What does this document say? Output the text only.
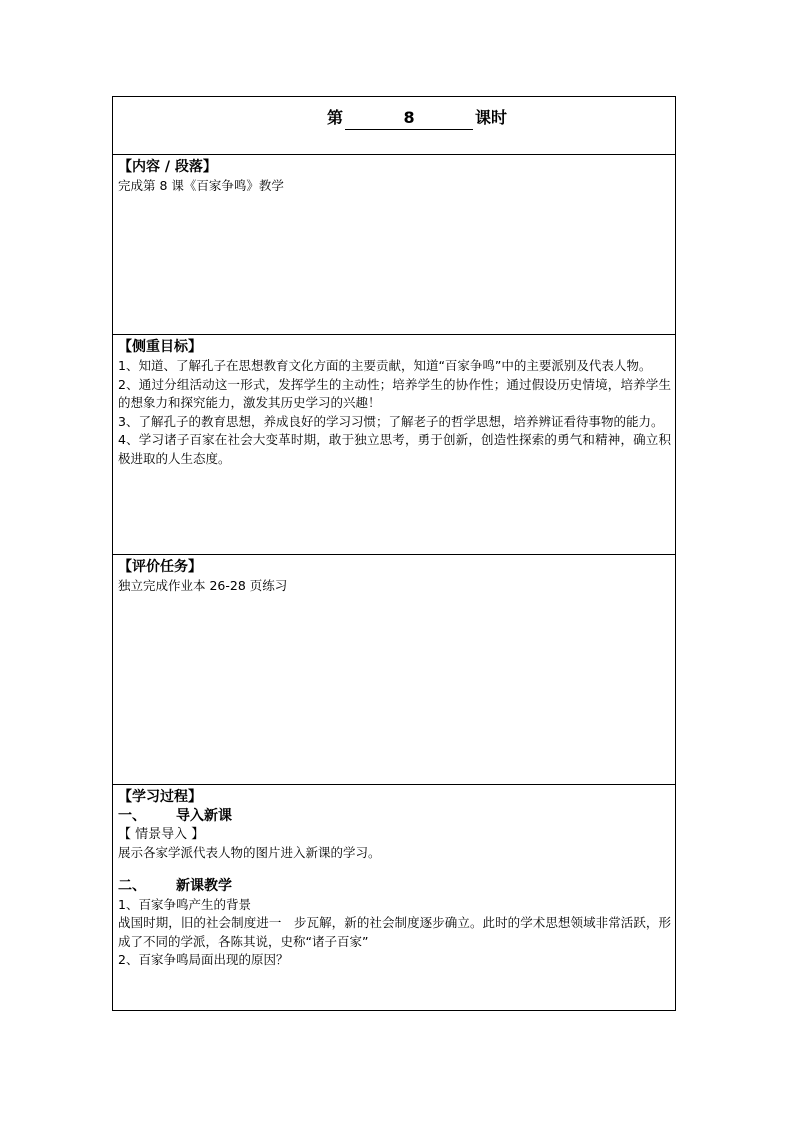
第	8	课时
【内容 / 段落】
完成第 8 课《百家争鸣》教学
【侧重目标】
1、知道、了解孔子在思想教育文化方面的主要贡献，知道“百家争鸣”中的主要派别及代表人物。
2、通过分组活动这一形式，发挥学生的主动性；培养学生的协作性；通过假设历史情境，培养学生的想象力和探究能力，激发其历史学习的兴趣！
3、了解孔子的教育思想，养成良好的学习习惯；了解老子的哲学思想，培养辨证看待事物的能力。
4、学习诸子百家在社会大变革时期，敢于独立思考，勇于创新，创造性探索的勇气和精神，确立积极进取的人生态度。
【评价任务】
独立完成作业本 26-28 页练习
【学习过程】
一、 导入新课
【 情景导入 】
展示各家学派代表人物的图片进入新课的学习。
二、 新课教学
1、百家争鸣产生的背景
战国时期，旧的社会制度进一　步瓦解，新的社会制度逐步确立。此时的学术思想领域非常活跃，形成了不同的学派，各陈其说，史称“诸子百家”
2、百家争鸣局面出现的原因？
